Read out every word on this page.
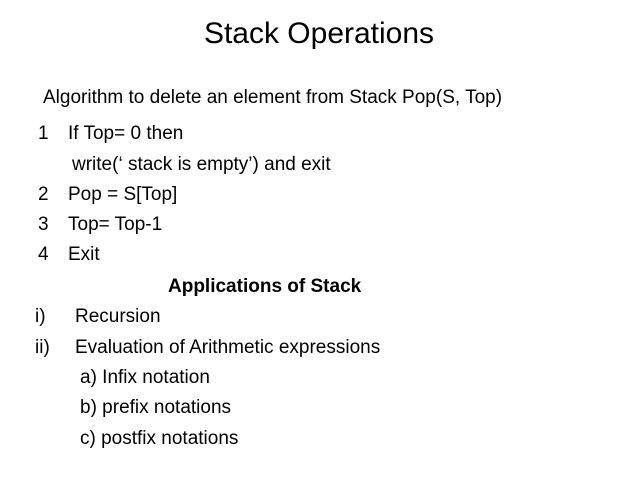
Stack Operations
Algorithm to delete an element from Stack Pop(S, Top)
1 If Top= 0 then
write(‘ stack is empty’) and exit
2 Pop = S[Top]
3 Top= Top-1
4 Exit
Applications of Stack
i) Recursion
ii) Evaluation of Arithmetic expressions
a) Infix notation
b) prefix notations
c) postfix notations
